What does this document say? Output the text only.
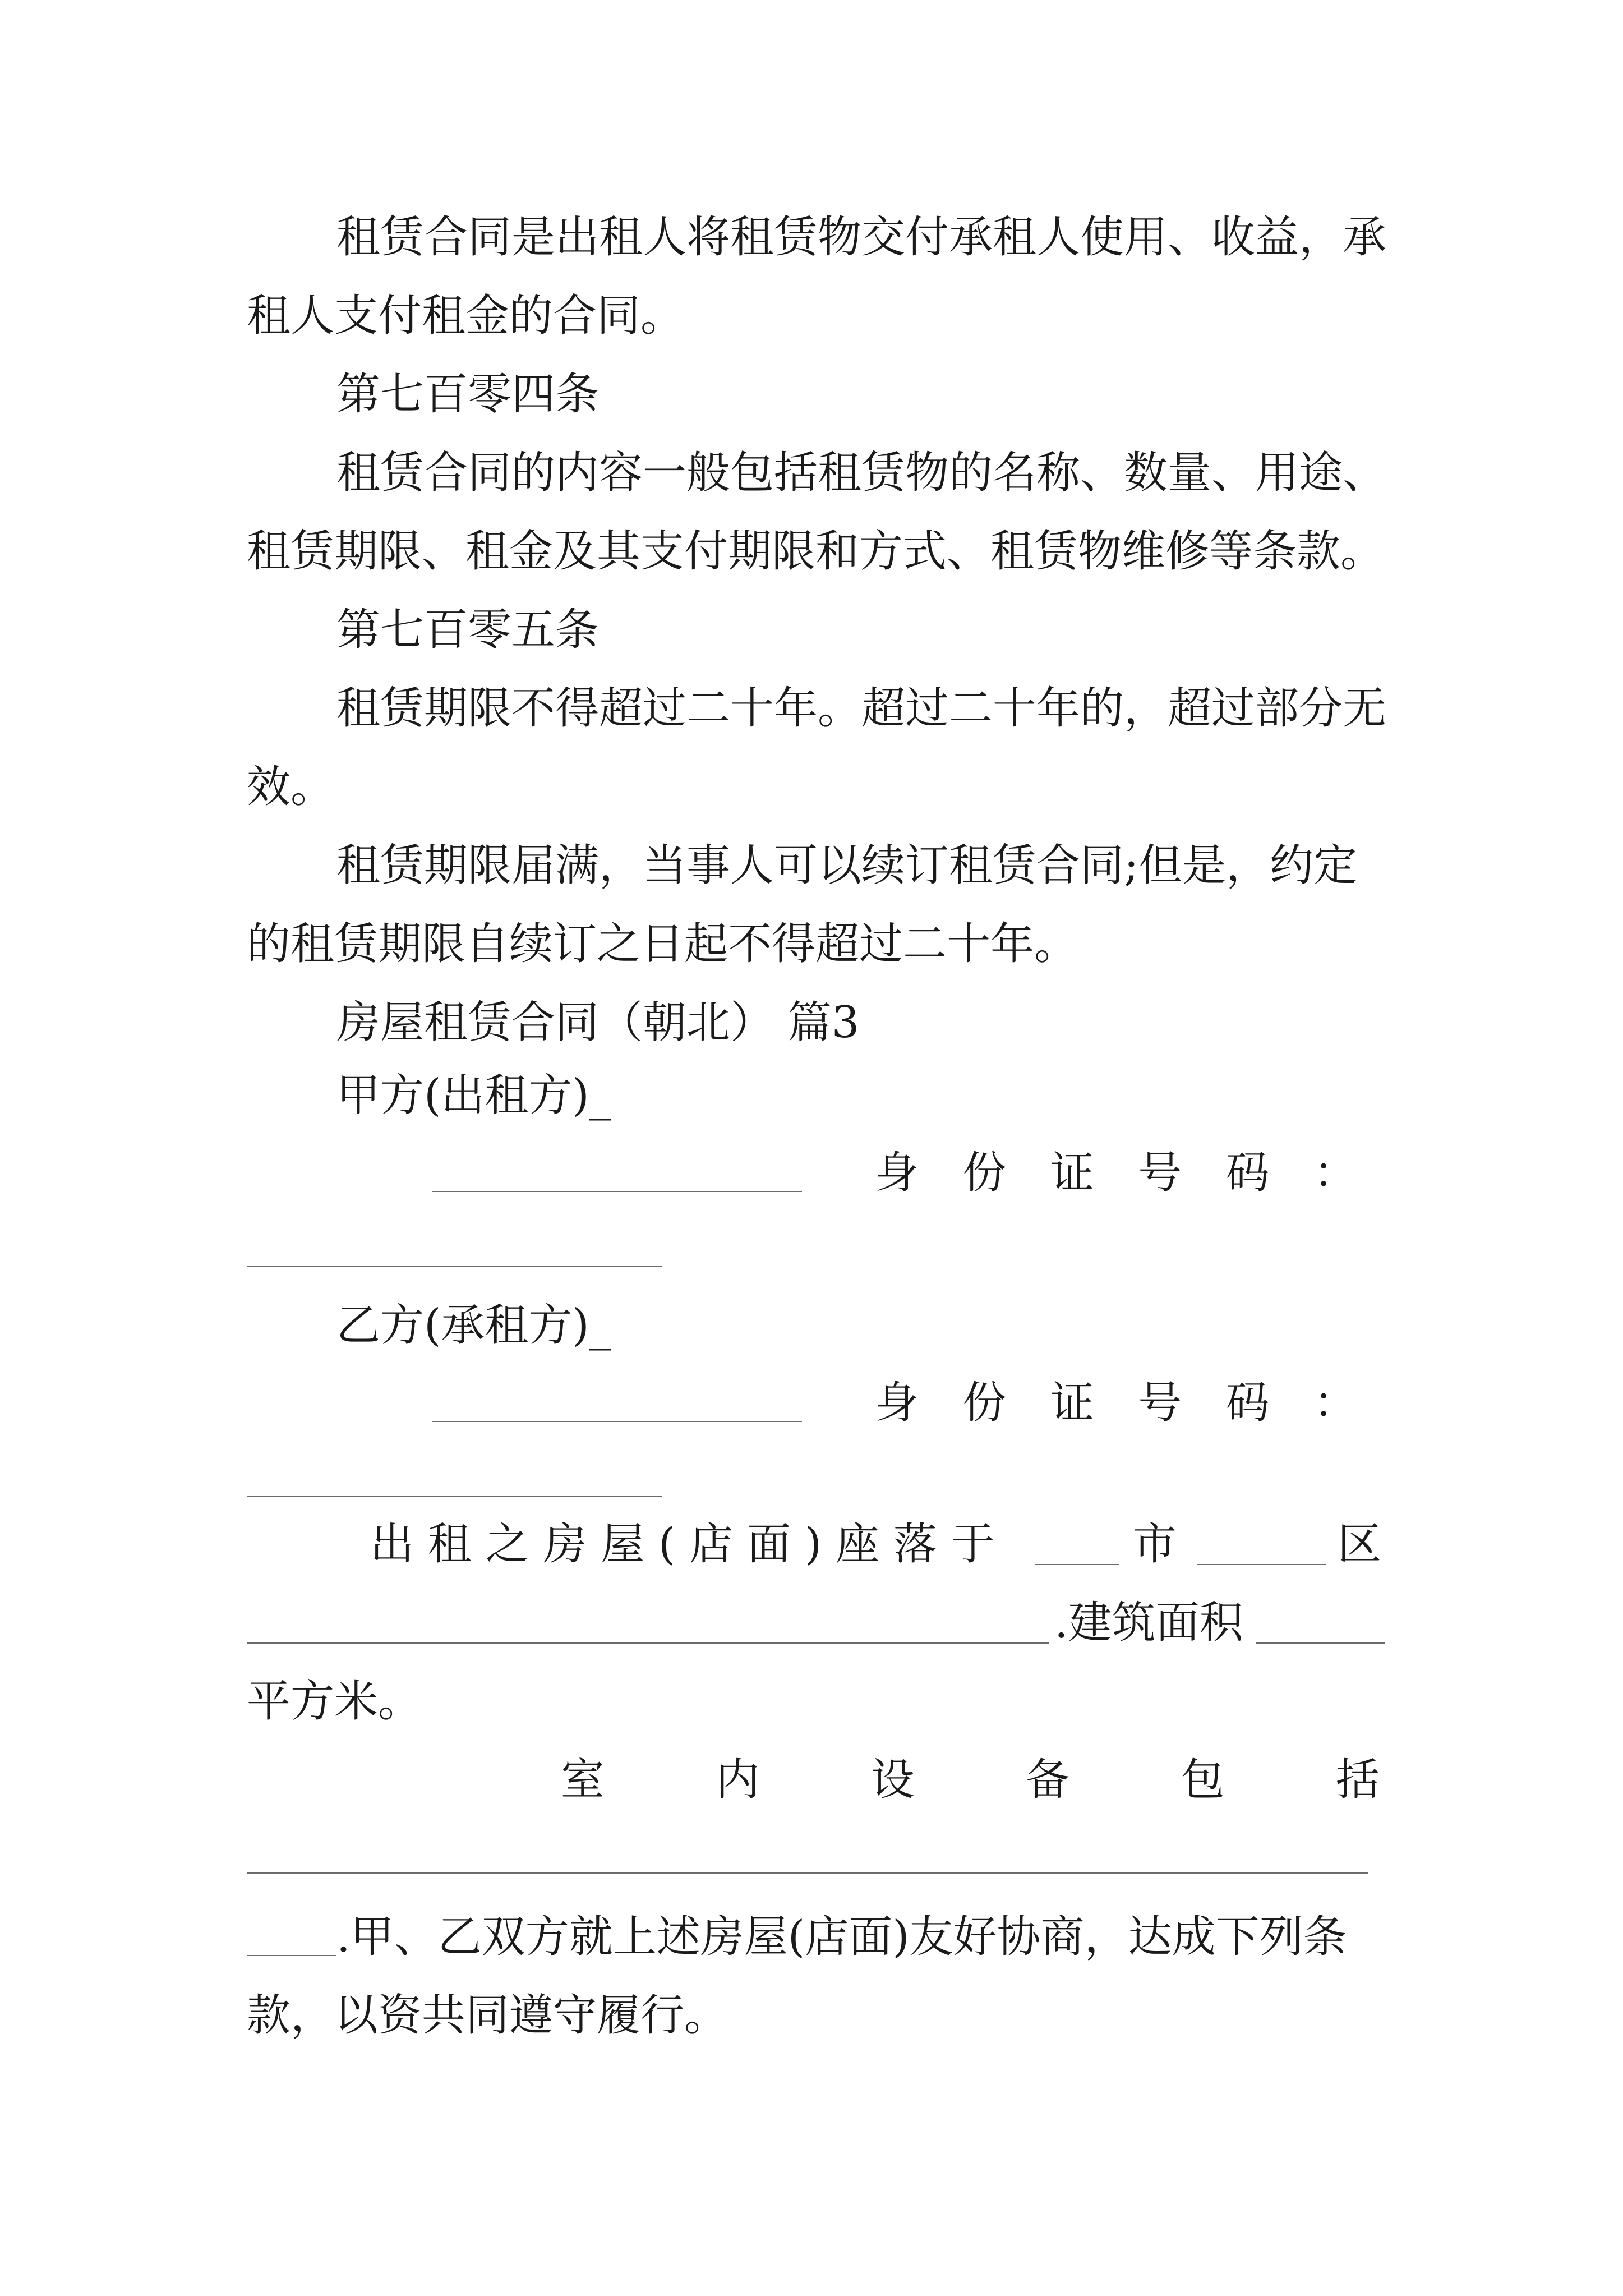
租赁合同是出租人将租赁物交付承租人使用、收益，承

租人支付租金的合同。

第七百零四条

租赁合同的内容一般包括租赁物的名称、数量、用途、

租赁期限、租金及其支付期限和方式、租赁物维修等条款。

第七百零五条

租赁期限不得超过二十年。超过二十年的，超过部分无

效。

租赁期限届满，当事人可以续订租赁合同;但是，约定

的租赁期限自续订之日起不得超过二十年。

房屋租赁合同（朝北） 篇3

甲方(出租方)_

身 份 证 号 码 ：

乙方(承租方)_

身 份 证 号 码 ：

出 租 之 房 屋 ( 店 面 ) 座 落 于	市	区

.建筑面积

平方米。

室 内 设 备 包 括

.甲、乙双方就上述房屋(店面)友好协商，达成下列条

款，以资共同遵守履行。
